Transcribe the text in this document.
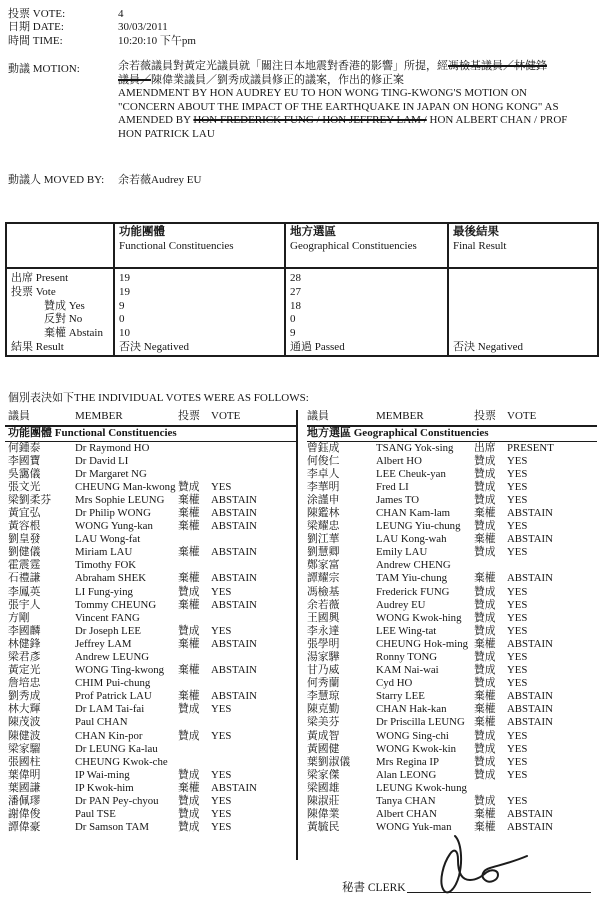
投票 VOTE:	4
日期 DATE:	30/03/2011
時間 TIME:	10:20:10 下午pm
動議 MOTION:	余若薇議員對黃定光議員就「關注日本地震對香港的影響」所提，經馮檢基議員／林健鋒
議員／陳偉業議員／劉秀成議員修正的議案，作出的修正案
AMENDMENT BY HON AUDREY EU TO HON WONG TING-KWONG'S MOTION ON
"CONCERN ABOUT THE IMPACT OF THE EARTHQUAKE IN JAPAN ON HONG KONG" AS
AMENDED BY HON FREDERICK FUNG / HON JEFFREY LAM / HON ALBERT CHAN / PROF
HON PATRICK LAU
動議人 MOVED BY: 余若薇Audrey EU

功能團體
Functional Constituencies

地方選區
Geographical Constituencies

最後結果
Final Result

出席 Present	19	28	
投票 Vote	19	27	
贊成 Yes	9	18	
反對 No	0	0	
棄權 Abstain	10	9	
結果 Result	否決 Negatived	通過 Passed	否決 Negatived
個別表決如下THE INDIVIDUAL VOTES WERE AS FOLLOWS:
議員	MEMBER	投票	VOTE
功能團體 Functional Constituencies
何鍾泰	Dr Raymond HO
李國寶	Dr David LI
吳靄儀	Dr Margaret NG
張文光	CHEUNG Man-kwong 贊成	YES
梁劉柔芬	Mrs Sophie LEUNG	棄權	ABSTAIN
黃宜弘	Dr Philip WONG	棄權	ABSTAIN
黃容根	WONG Yung-kan	棄權	ABSTAIN
劉皇發	LAU Wong-fat
劉健儀	Miriam LAU	棄權	ABSTAIN
霍震霆	Timothy FOK
石禮謙	Abraham SHEK	棄權	ABSTAIN
李鳳英	LI Fung-ying	贊成	YES
張宇人	Tommy CHEUNG	棄權	ABSTAIN
方剛	Vincent FANG
李國麟	Dr Joseph LEE	贊成	YES
林健鋒	Jeffrey LAM	棄權	ABSTAIN
梁君彥	Andrew LEUNG
黃定光	WONG Ting-kwong	棄權	ABSTAIN
詹培忠	CHIM Pui-chung
劉秀成	Prof Patrick LAU	棄權	ABSTAIN
林大輝	Dr LAM Tai-fai	贊成	YES
陳茂波	Paul CHAN
陳健波	CHAN Kin-por	贊成	YES
梁家騮	Dr LEUNG Ka-lau
張國柱	CHEUNG Kwok-che
葉偉明	IP Wai-ming	贊成	YES
葉國謙	IP Kwok-him	棄權	ABSTAIN
潘佩璆	Dr PAN Pey-chyou	贊成	YES
謝偉俊	Paul TSE	贊成	YES
譚偉豪	Dr Samson TAM	贊成	YES
議員	MEMBER	投票	VOTE
地方選區 Geographical Constituencies
曾鈺成	TSANG Yok-sing	出席	PRESENT
何俊仁	Albert HO	贊成	YES
李卓人	LEE Cheuk-yan	贊成	YES
李華明	Fred LI	贊成	YES
涂謹申	James TO	贊成	YES
陳鑑林	CHAN Kam-lam	棄權	ABSTAIN
梁耀忠	LEUNG Yiu-chung	贊成	YES
劉江華	LAU Kong-wah	棄權	ABSTAIN
劉慧卿	Emily LAU	贊成	YES
鄭家富	Andrew CHENG
譚耀宗	TAM Yiu-chung	棄權	ABSTAIN
馮檢基	Frederick FUNG	贊成	YES
余若薇	Audrey EU	贊成	YES
王國興	WONG Kwok-hing	贊成	YES
李永達	LEE Wing-tat	贊成	YES
張學明	CHEUNG Hok-ming 棄權	ABSTAIN
湯家驊	Ronny TONG	贊成	YES
甘乃威	KAM Nai-wai	贊成	YES
何秀蘭	Cyd HO	贊成	YES
李慧琼	Starry LEE	棄權	ABSTAIN
陳克勤	CHAN Hak-kan	棄權	ABSTAIN
梁美芬	Dr Priscilla LEUNG 棄權	ABSTAIN
黃成智	WONG Sing-chi	贊成	YES
黃國健	WONG Kwok-kin	贊成	YES
葉劉淑儀	Mrs Regina IP	贊成	YES
梁家傑	Alan LEONG	贊成	YES
梁國雄	LEUNG Kwok-hung
陳淑莊	Tanya CHAN	贊成	YES
陳偉業	Albert CHAN	棄權	ABSTAIN
黃毓民	WONG Yuk-man	棄權	ABSTAIN
秘書 CLERK
